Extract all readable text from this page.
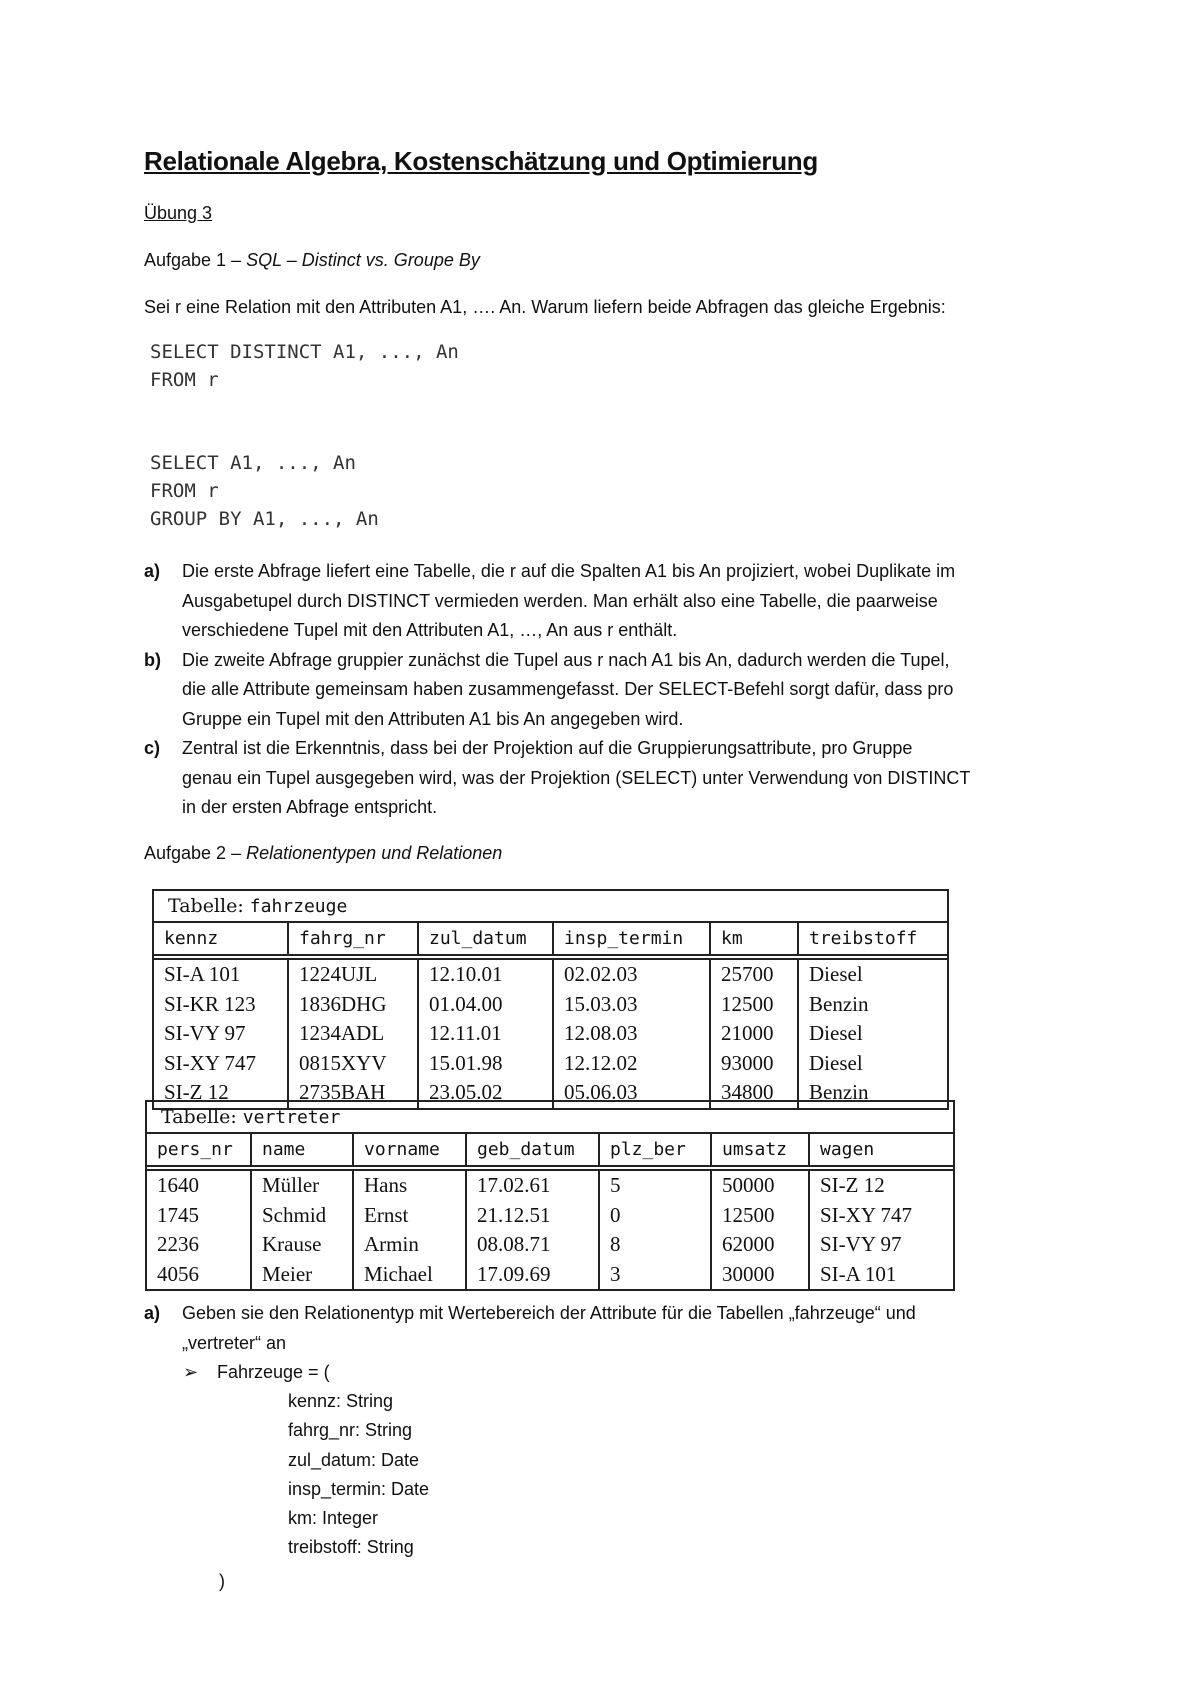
Relationale Algebra, Kostenschätzung und Optimierung
Übung 3
Aufgabe 1 – SQL – Distinct vs. Groupe By
Sei r eine Relation mit den Attributen A1, …. An. Warum liefern beide Abfragen das gleiche Ergebnis:
SELECT DISTINCT A1, ..., An
FROM r
SELECT A1, ..., An
FROM r
GROUP BY A1, ..., An
a) Die erste Abfrage liefert eine Tabelle, die r auf die Spalten A1 bis An projiziert, wobei Duplikate im
Ausgabetupel durch DISTINCT vermieden werden. Man erhält also eine Tabelle, die paarweise
verschiedene Tupel mit den Attributen A1, …, An aus r enthält.
b) Die zweite Abfrage gruppier zunächst die Tupel aus r nach A1 bis An, dadurch werden die Tupel,
die alle Attribute gemeinsam haben zusammengefasst. Der SELECT-Befehl sorgt dafür, dass pro
Gruppe ein Tupel mit den Attributen A1 bis An angegeben wird.
c) Zentral ist die Erkenntnis, dass bei der Projektion auf die Gruppierungsattribute, pro Gruppe
genau ein Tupel ausgegeben wird, was der Projektion (SELECT) unter Verwendung von DISTINCT
in der ersten Abfrage entspricht.
Aufgabe 2 – Relationentypen und Relationen
Tabelle: fahrzeuge
kennz	fahrg_nr	zul_datum	insp_termin	km	treibstoff

SI-A 101	1224UJL	12.10.01	02.02.03	25700	Diesel
SI-KR 123	1836DHG	01.04.00	15.03.03	12500	Benzin
SI-VY 97	1234ADL	12.11.01	12.08.03	21000	Diesel
SI-XY 747	0815XYV	15.01.98	12.12.02	93000	Diesel
SI-Z 12	2735BAH	23.05.02	05.06.03	34800	Benzin
Tabelle: vertreter
pers_nr	name	vorname	geb_datum	plz_ber	umsatz	wagen

1640	Müller	Hans	17.02.61	5	50000	SI-Z 12
1745	Schmid	Ernst	21.12.51	0	12500	SI-XY 747
2236	Krause	Armin	08.08.71	8	62000	SI-VY 97
4056	Meier	Michael	17.09.69	3	30000	SI-A 101
a) Geben sie den Relationentyp mit Wertebereich der Attribute für die Tabellen „fahrzeuge“ und
„vertreter“ an
➢ Fahrzeuge = (
kennz: String
fahrg_nr: String
zul_datum: Date
insp_termin: Date
km: Integer
treibstoff: String
)
